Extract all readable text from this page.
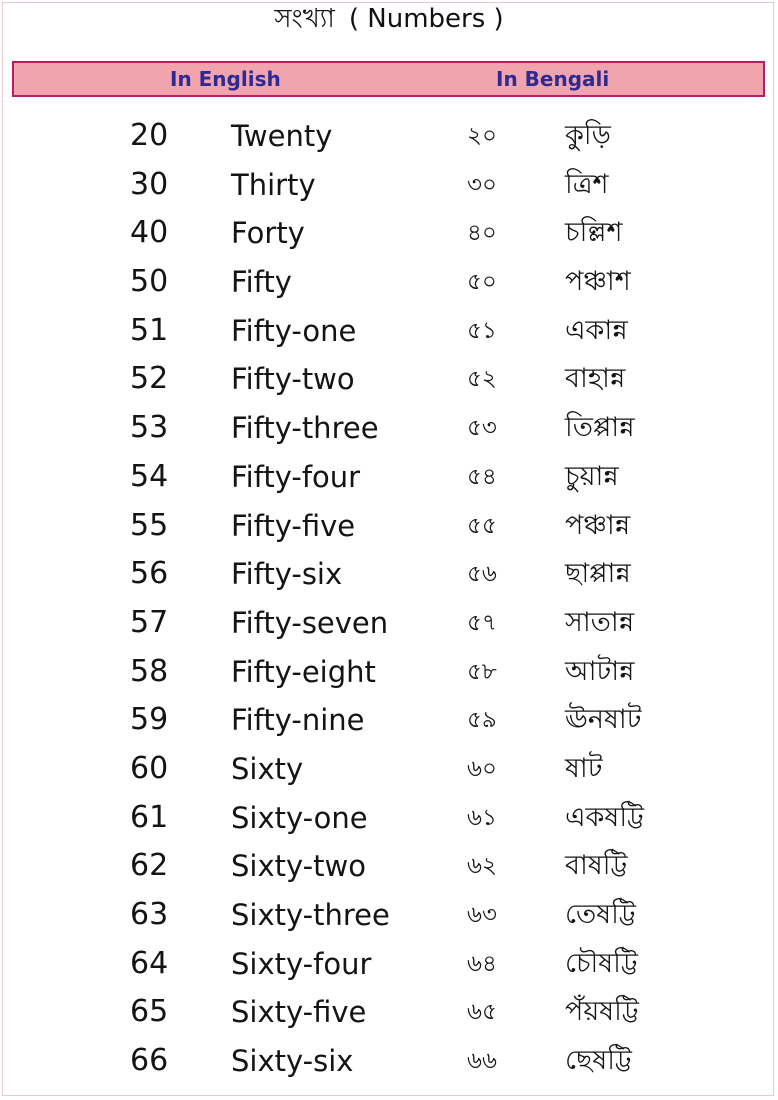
সংখ্যা ( Numbers )
In English	In Bengali
20 Twenty	২০	কুড়ি
30 Thirty	৩০	ত্রিশ
40 Forty	৪০	চল্লিশ
50 Fifty	৫০	পঞ্চাশ
51 Fifty-one	৫১	একান্ন
52 Fifty-two	৫২	বাহান্ন
53 Fifty-three	৫৩	তিপ্পান্ন
54 Fifty-four	৫৪	চুয়ান্ন
55 Fifty-five	৫৫	পঞ্চান্ন
56 Fifty-six	৫৬	ছাপ্পান্ন
57 Fifty-seven	৫৭	সাতান্ন
58 Fifty-eight	৫৮	আটান্ন
59 Fifty-nine	৫৯	ঊনষাট
60 Sixty	৬০	ষাট
61 Sixty-one	৬১	একষট্টি
62 Sixty-two	৬২	বাষট্টি
63 Sixty-three	৬৩	তেষট্টি
64 Sixty-four	৬৪	চৌষট্টি
65 Sixty-five	৬৫	পঁয়ষট্টি
66 Sixty-six	৬৬	ছেষট্টি
